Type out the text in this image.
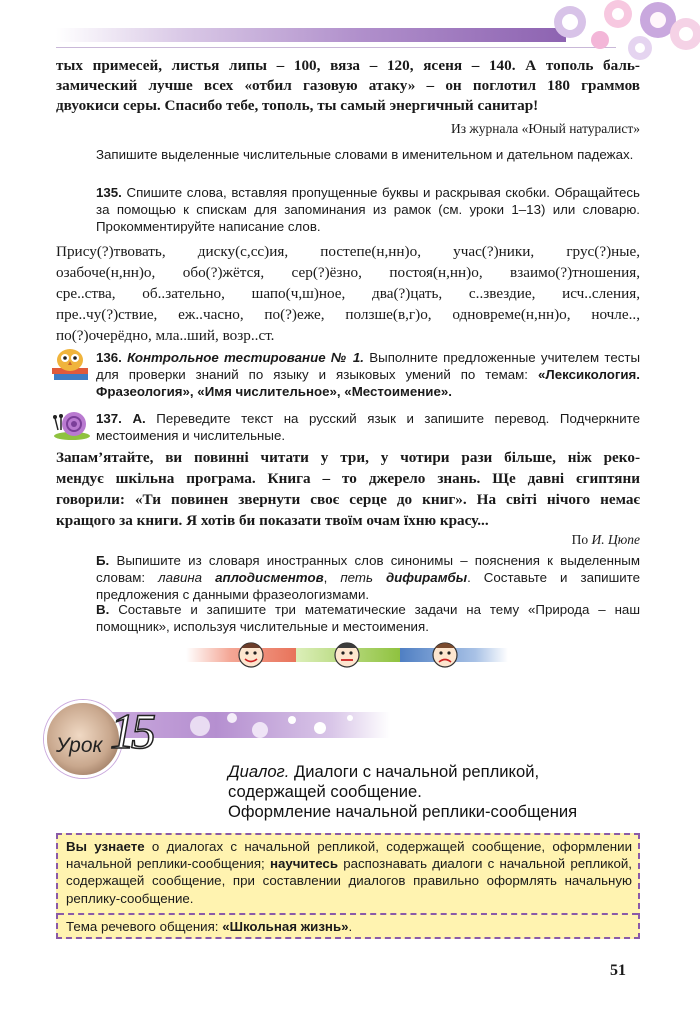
тых примесей, листья липы – 100, вяза – 120, ясеня – 140. А тополь баль-
замический лучше всех «отбил газовую атаку» – он поглотил 180 граммов
двуокиси серы. Спасибо тебе, тополь, ты самый энергичный санитар!
Из журнала «Юный натуралист»
Запишите выделенные числительные словами в именительном и дательном падежах.
135. Спишите слова, вставляя пропущенные буквы и раскрывая скобки. Обращайтесь за помощью к спискам для запоминания из рамок (см. уроки 1–13) или словарю. Прокомментируйте написание слов.
Прису(?)твовать, диску(с,сс)ия, постепе(н,нн)о, учас(?)ники, грус(?)ные,
озабоче(н,нн)о, обо(?)жётся, сер(?)ёзно, постоя(н,нн)о, взаимо(?)тношения,
сре..ства, об..зательно, шапо(ч,ш)ное, два(?)цать, с..звездие, исч..сления,
пре..чу(?)ствие, еж..часно, по(?)еже, ползше(в,г)о, одновреме(н,нн)о, ночле..,
по(?)очерёдно, мла..ший, возр..ст.
136. Контрольное тестирование № 1. Выполните предложенные учителем тесты для проверки знаний по языку и языковых умений по темам: «Лексикология. Фразеология», «Имя числительное», «Местоимение».
137. А. Переведите текст на русский язык и запишите перевод. Подчеркните местоимения и числительные.
Запам’ятайте, ви повинні читати у три, у чотири рази більше, ніж реко-
мендує шкільна програма. Книга – то джерело знань. Ще давні єгиптяни
говорили: «Ти повинен звернути своє серце до книг». На світі нічого немає
кращого за книги. Я хотів би показати твоїм очам їхню красу...
По И. Цюпе
Б. Выпишите из словаря иностранных слов синонимы – пояснения к выделенным словам: лавина аплодисментов, петь дифирамбы. Составьте и запишите предложения с данными фразеологизмами.
В. Составьте и запишите три математические задачи на тему «Природа – наш помощник», используя числительные и местоимения.
Урок 15
Диалог. Диалоги с начальной репликой,
содержащей сообщение.
Оформление начальной реплики-сообщения
Вы узнаете о диалогах с начальной репликой, содержащей сообщение, оформлении начальной реплики-сообщения; научитесь распознавать диалоги с начальной репликой, содержащей сообщение, при составлении диалогов правильно оформлять начальную реплику-сообщение.
Тема речевого общения: «Школьная жизнь».
51
